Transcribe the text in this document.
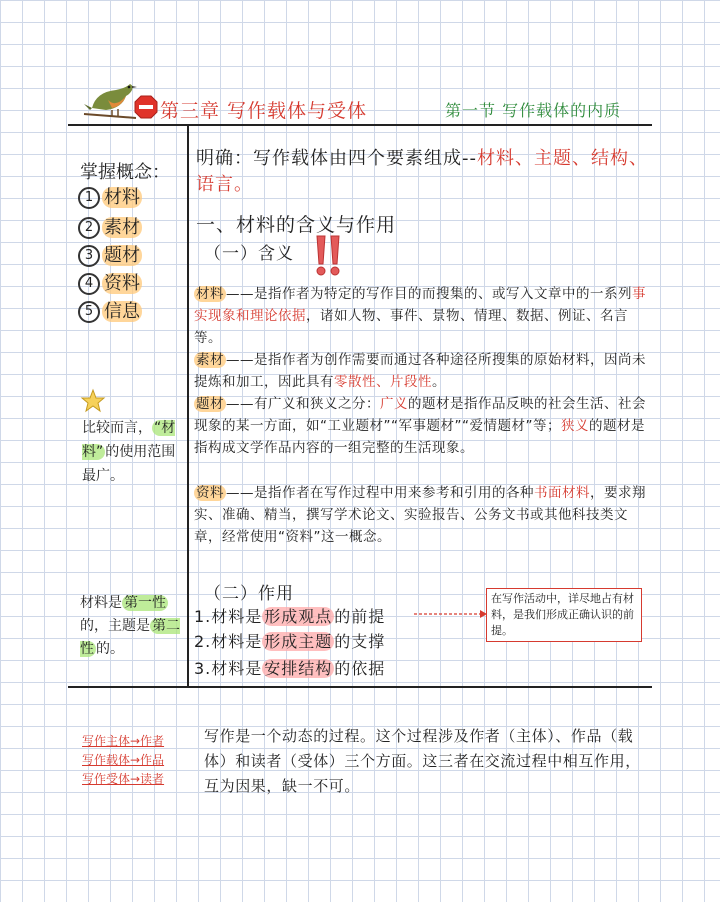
第三章 写作载体与受体	第一节 写作载体的内质
掌握概念：
1 材料
2 素材
3 题材
4 资料
5 信息
比较而言， “材料” 的使用范围最广。
材料是 第一性的，主题是 第二性 的。
明确：写作载体由四个要素组成--材料、主题、结构、语言。
一、材料的含义与作用
（一）含义
材料 ——是指作者为特定的写作目的而搜集的、或写入文章中的一系列事实现象和理论依据，诸如人物、事件、景物、情理、数据、例证、名言等。
素材 ——是指作者为创作需要而通过各种途径所搜集的原始材料，因尚未提炼和加工，因此具有零散性、片段性。
题材 ——有广义和狭义之分：广义的题材是指作品反映的社会生活、社会现象的某一方面，如“工业题材”“军事题材”“爱情题材”等；狭义的题材是指构成文学作品内容的一组完整的生活现象。
资料 ——是指作者在写作过程中用来参考和引用的各种书面材料，要求翔实、准确、精当，撰写学术论文、实验报告、公务文书或其他科技类文章，经常使用“资料”这一概念。
（二）作用
1.材料是 形成观点 的前提
2.材料是 形成主题 的支撑
3.材料是 安排结构 的依据
在写作活动中，详尽地占有材料，是我们形成正确认识的前提。
写作主体→作者
写作载体→作品
写作受体→读者
写作是一个动态的过程。这个过程涉及作者（主体）、作品（载体）和读者（受体）三个方面。这三者在交流过程中相互作用，互为因果，缺一不可。
